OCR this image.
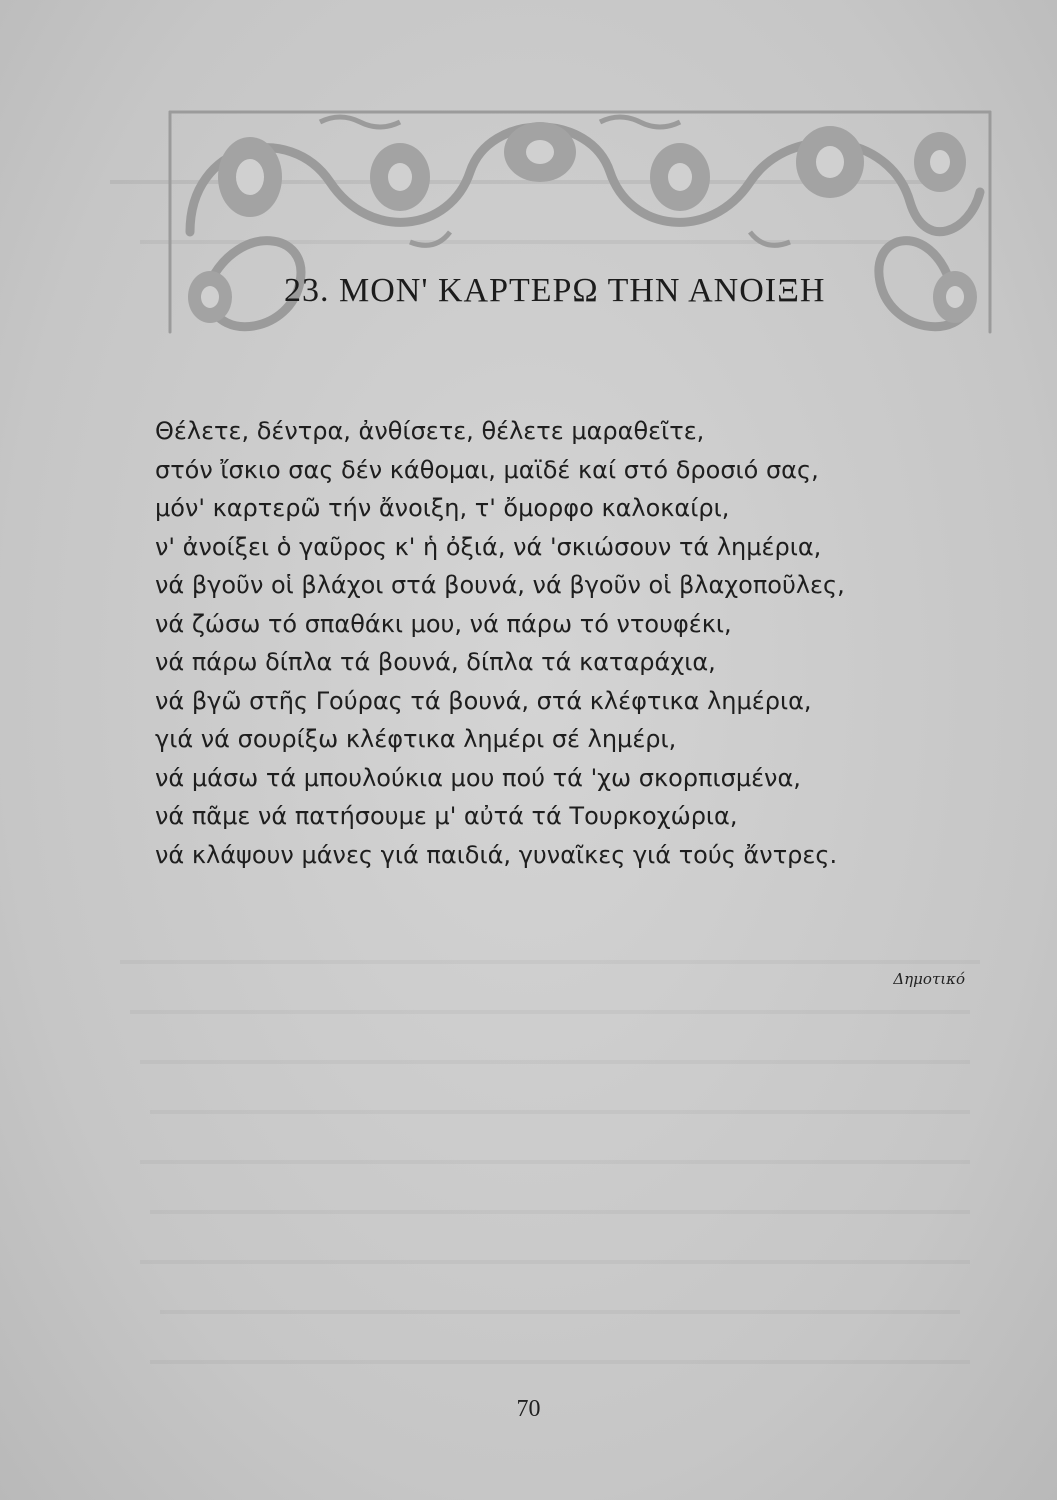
23. ΜΟΝ' ΚΑΡΤΕΡΩ ΤΗΝ ΑΝΟΙΞΗ
Θέλετε, δέντρα, ἀνθίσετε, θέλετε μαραθεῖτε,
στόν ἴσκιο σας δέν κάθομαι, μαϊδέ καί στό δροσιό σας,
μόν' καρτερῶ τήν ἄνοιξη, τ' ὄμορφο καλοκαίρι,
ν' ἀνοίξει ὁ γαῦρος κ' ἡ ὀξιά, νά 'σκιώσουν τά λημέρια,
νά βγοῦν οἱ βλάχοι στά βουνά, νά βγοῦν οἱ βλαχοποῦλες,
νά ζώσω τό σπαθάκι μου, νά πάρω τό ντουφέκι,
νά πάρω δίπλα τά βουνά, δίπλα τά καταράχια,
νά βγῶ στῆς Γούρας τά βουνά, στά κλέφτικα λημέρια,
γιά νά σουρίξω κλέφτικα λημέρι σέ λημέρι,
νά μάσω τά μπουλούκια μου πού τά 'χω σκορπισμένα,
νά πᾶμε νά πατήσουμε μ' αὐτά τά Τουρκοχώρια,
νά κλάψουν μάνες γιά παιδιά, γυναῖκες γιά τούς ἄντρες.
Δημοτικό
70
